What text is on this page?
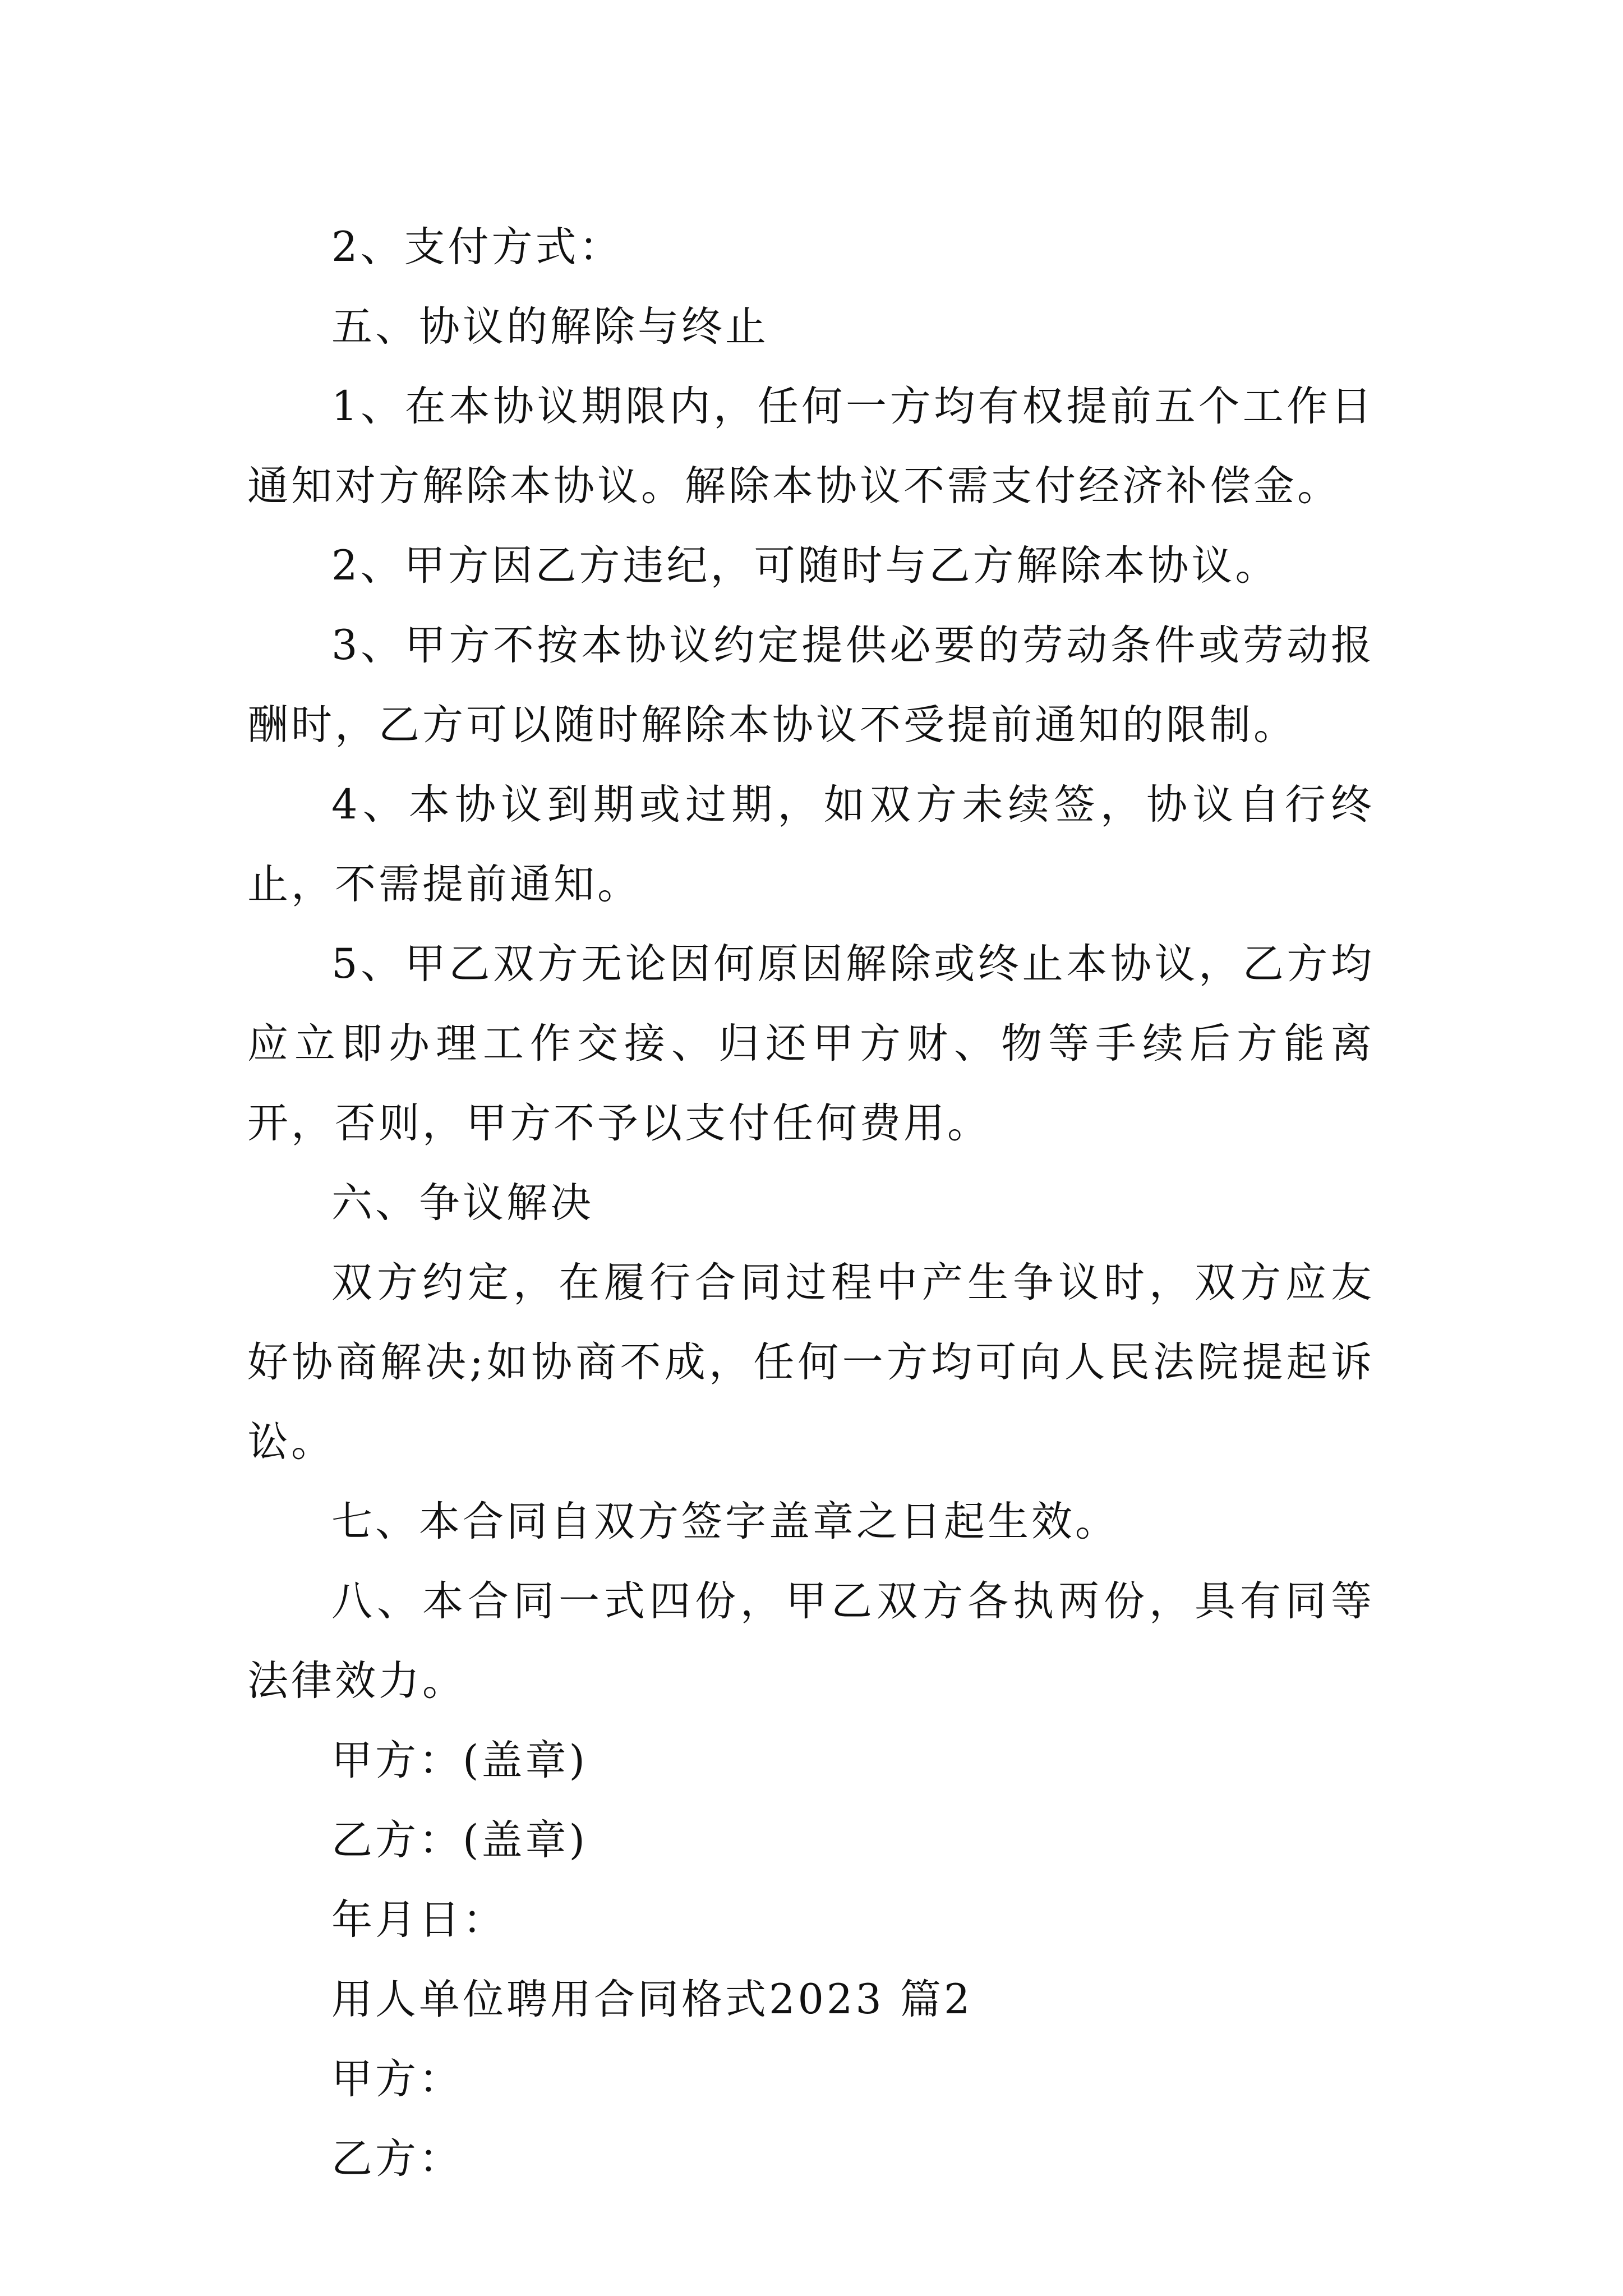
2、支付方式：

五、协议的解除与终止

1、在本协议期限内，任何一方均有权提前五个工作日通知对方解除本协议。解除本协议不需支付经济补偿金。

2、甲方因乙方违纪，可随时与乙方解除本协议。

3、甲方不按本协议约定提供必要的劳动条件或劳动报酬时，乙方可以随时解除本协议不受提前通知的限制。

4、本协议到期或过期，如双方未续签，协议自行终止，不需提前通知。

5、甲乙双方无论因何原因解除或终止本协议，乙方均应立即办理工作交接、归还甲方财、物等手续后方能离开，否则，甲方不予以支付任何费用。

六、争议解决

双方约定，在履行合同过程中产生争议时，双方应友好协商解决;如协商不成，任何一方均可向人民法院提起诉讼。

七、本合同自双方签字盖章之日起生效。

八、本合同一式四份，甲乙双方各执两份，具有同等法律效力。

甲方：(盖章)

乙方：(盖章)

年月日：

用人单位聘用合同格式2023 篇2

甲方：

乙方：
